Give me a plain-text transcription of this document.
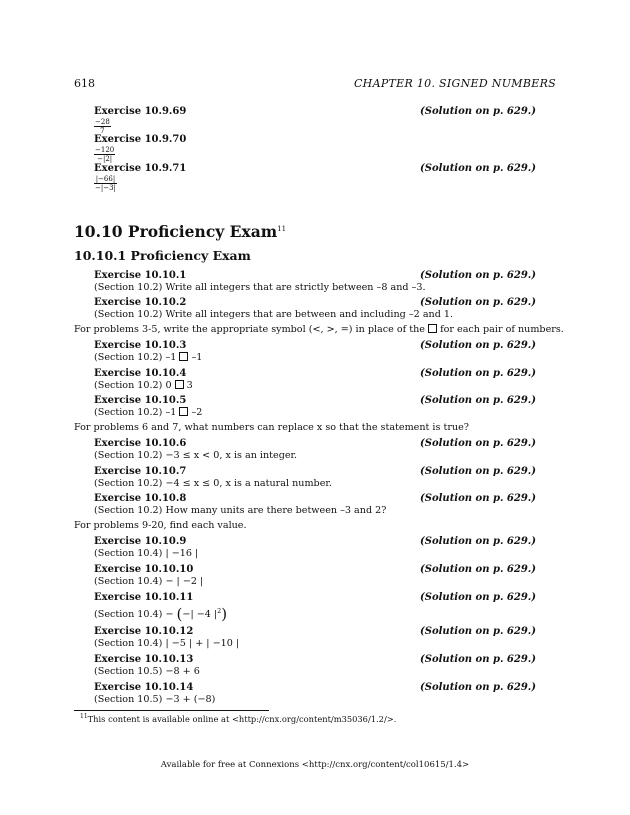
618	CHAPTER 10. SIGNED NUMBERS
Exercise 10.9.69	(Solution on p. 629.)
$\frac{-28}{7}$
Exercise 10.9.70
$\frac{-120}{-|2|}$
Exercise 10.9.71	(Solution on p. 629.)
$\frac{|-66|}{-|-3|}$
10.10 Proficiency Exam$^{11}$
10.10.1 Proficiency Exam
Exercise 10.10.1	(Solution on p. 629.)
(Section 10.2) Write all integers that are strictly between –8 and –3.
Exercise 10.10.2	(Solution on p. 629.)
(Section 10.2) Write all integers that are between and including –2 and 1.
For problems 3-5, write the appropriate symbol (<, >, =) in place of the  for each pair of numbers.
Exercise 10.10.3	(Solution on p. 629.)
(Section 10.2) –1  –1
Exercise 10.10.4	(Solution on p. 629.)
(Section 10.2) 0  3
Exercise 10.10.5	(Solution on p. 629.)
(Section 10.2) –1  –2
For problems 6 and 7, what numbers can replace x so that the statement is true?
Exercise 10.10.6	(Solution on p. 629.)
(Section 10.2) −3 ≤ x < 0, x is an integer.
Exercise 10.10.7	(Solution on p. 629.)
(Section 10.2) −4 ≤ x ≤ 0, x is a natural number.
Exercise 10.10.8	(Solution on p. 629.)
(Section 10.2) How many units are there between –3 and 2?
For problems 9-20, find each value.
Exercise 10.10.9	(Solution on p. 629.)
(Section 10.4) | −16 |
Exercise 10.10.10	(Solution on p. 629.)
(Section 10.4) − | −2 |
Exercise 10.10.11	(Solution on p. 629.)
(Section 10.4) − (−| −4 $|^2$)
Exercise 10.10.12	(Solution on p. 629.)
(Section 10.4) | −5 | + | −10 |
Exercise 10.10.13	(Solution on p. 629.)
(Section 10.5) −8 + 6
Exercise 10.10.14	(Solution on p. 629.)
(Section 10.5) −3 + (−8)
$^{11}$This content is available online at <http://cnx.org/content/m35036/1.2/>.
Available for free at Connexions <http://cnx.org/content/col10615/1.4>
